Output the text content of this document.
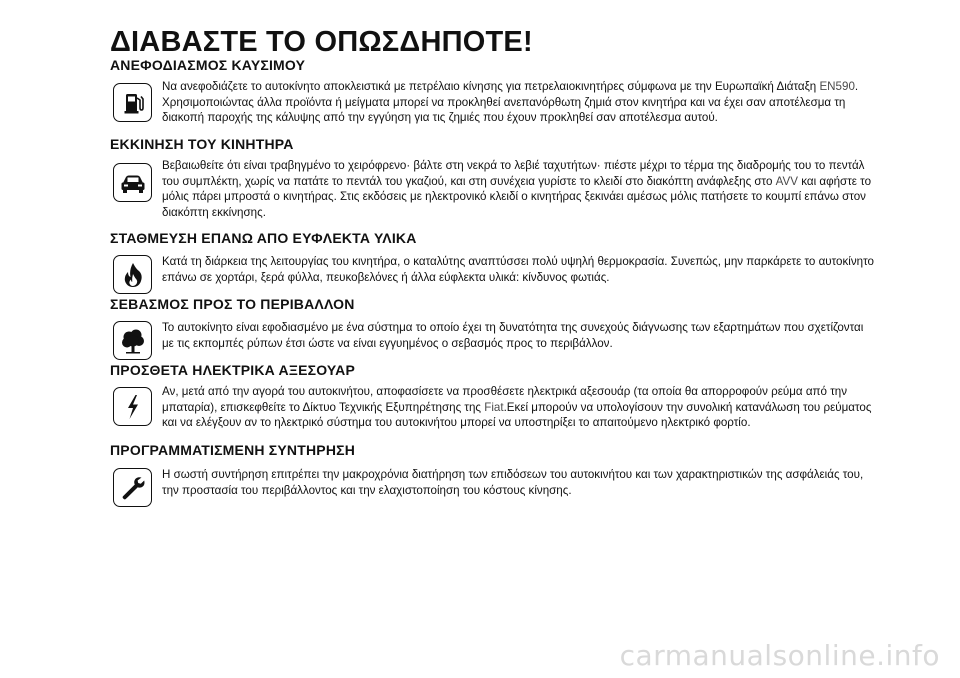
ΔΙΑΒΑΣΤΕ ΤΟ ΟΠΩΣΔΗΠΟΤΕ!
ΑΝΕΦΟΔΙΑΣΜΟΣ ΚΑΥΣΙΜΟΥ

Να ανεφοδιάζετε το αυτοκίνητο αποκλειστικά με πετρέλαιο κίνησης για πετρελαιοκινητήρες σύμφωνα με την Ευρωπαϊκή Διάταξη EN590.
Χρησιμοποιώντας άλλα προϊόντα ή μείγματα μπορεί να προκληθεί ανεπανόρθωτη ζημιά στον κινητήρα και να έχει σαν αποτέλεσμα τη
διακοπή παροχής της κάλυψης από την εγγύηση για τις ζημιές που έχουν προκληθεί σαν αποτέλεσμα αυτού.

ΕΚΚΙΝΗΣΗ ΤΟΥ ΚΙΝΗΤΗΡΑ

Βεβαιωθείτε ότι είναι τραβηγμένο το χειρόφρενο· βάλτε στη νεκρά το λεβιέ ταχυτήτων· πιέστε μέχρι το τέρμα της διαδρομής του το πεντάλ
του συμπλέκτη, χωρίς να πατάτε το πεντάλ του γκαζιού, και στη συνέχεια γυρίστε το κλειδί στο διακόπτη ανάφλεξης στο AVV και αφήστε το
μόλις πάρει μπροστά ο κινητήρας. Στις εκδόσεις με ηλεκτρονικό κλειδί ο κινητήρας ξεκινάει αμέσως μόλις πατήσετε το κουμπί επάνω στον
διακόπτη εκκίνησης.

ΣΤΑΘΜΕΥΣΗ ΕΠΑΝΩ ΑΠΟ ΕΥΦΛΕΚΤΑ ΥΛΙΚΑ

Κατά τη διάρκεια της λειτουργίας του κινητήρα, ο καταλύτης αναπτύσσει πολύ υψηλή θερμοκρασία. Συνεπώς, μην παρκάρετε το αυτοκίνητο
επάνω σε χορτάρι, ξερά φύλλα, πευκοβελόνες ή άλλα εύφλεκτα υλικά: κίνδυνος φωτιάς.

ΣΕΒΑΣΜΟΣ ΠΡΟΣ ΤΟ ΠΕΡΙΒΑΛΛΟΝ

Το αυτοκίνητο είναι εφοδιασμένο με ένα σύστημα το οποίο έχει τη δυνατότητα της συνεχούς διάγνωσης των εξαρτημάτων που σχετίζονται
με τις εκπομπές ρύπων έτσι ώστε να είναι εγγυημένος ο σεβασμός προς το περιβάλλον.

ΠΡΟΣΘΕΤΑ ΗΛΕΚΤΡΙΚΑ ΑΞΕΣΟΥΑΡ

Αν, μετά από την αγορά του αυτοκινήτου, αποφασίσετε να προσθέσετε ηλεκτρικά αξεσουάρ (τα οποία θα απορροφούν ρεύμα από την
μπαταρία), επισκεφθείτε το Δίκτυο Τεχνικής Εξυπηρέτησης της Fiat.Εκεί μπορούν να υπολογίσουν την συνολική κατανάλωση του ρεύματος
και να ελέγξουν αν το ηλεκτρικό σύστημα του αυτοκινήτου μπορεί να υποστηρίξει το απαιτούμενο ηλεκτρικό φορτίο.

ΠΡΟΓΡΑΜΜΑΤΙΣΜΕΝΗ ΣΥΝΤΗΡΗΣΗ

Η σωστή συντήρηση επιτρέπει την μακροχρόνια διατήρηση των επιδόσεων του αυτοκινήτου και των χαρακτηριστικών της ασφάλειάς του,
την προστασία του περιβάλλοντος και την ελαχιστοποίηση του κόστους κίνησης.

carmanualsonline.info
